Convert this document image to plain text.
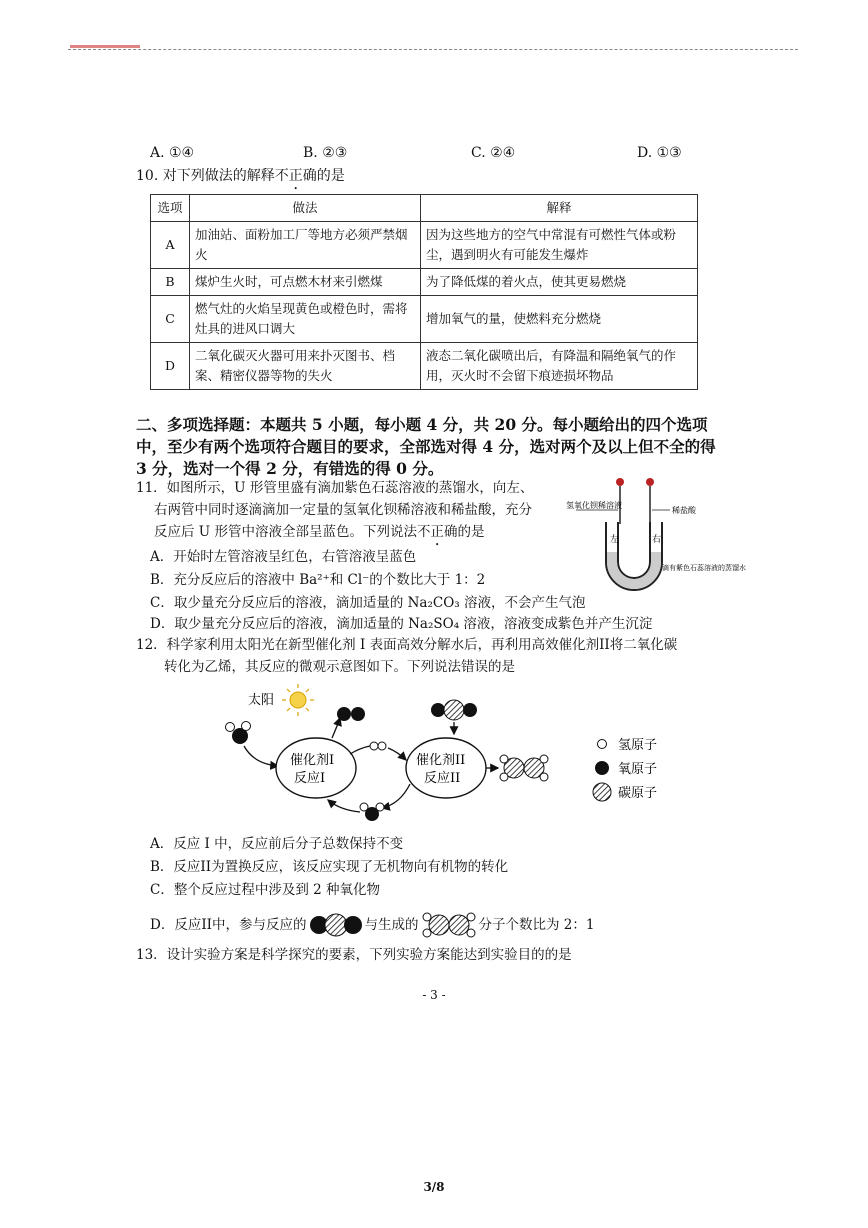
A. ①④	B. ②③	C. ②④	D. ①③
10. 对下列做法的解释不正确的是
选项	做法	解释
A	加油站、面粉加工厂等地方必须严禁烟火	因为这些地方的空气中常混有可燃性气体或粉尘，遇到明火有可能发生爆炸
B	煤炉生火时，可点燃木材来引燃煤	为了降低煤的着火点，使其更易燃烧
C	燃气灶的火焰呈现黄色或橙色时，需将灶具的进风口调大	增加氧气的量，使燃料充分燃烧
D	二氧化碳灭火器可用来扑灭图书、档案、精密仪器等物的失火	液态二氧化碳喷出后，有降温和隔绝氧气的作用，灭火时不会留下痕迹损坏物品
二、多项选择题：本题共 5 小题，每小题 4 分，共 20 分。每小题给出的四个选项中，至少有两个选项符合题目的要求，全部选对得 4 分，选对两个及以上但不全的得 3 分，选对一个得 2 分，有错选的得 0 分。
11．如图所示，U 形管里盛有滴加紫色石蕊溶液的蒸馏水，向左、
右两管中同时逐滴滴加一定量的氢氧化钡稀溶液和稀盐酸，充分
反应后 U 形管中溶液全部呈蓝色。下列说法不正确的是
A．开始时左管溶液呈红色，右管溶液呈蓝色
B．充分反应后的溶液中 Ba²⁺和 Cl⁻的个数比大于 1：2
C．取少量充分反应后的溶液，滴加适量的 Na₂CO₃ 溶液，不会产生气泡
D．取少量充分反应后的溶液，滴加适量的 Na₂SO₄ 溶液，溶液变成紫色并产生沉淀
氢氧化钡稀溶液
稀盐酸
左	右
滴有紫色石蕊溶液的蒸馏水
12．科学家利用太阳光在新型催化剂 I 表面高效分解水后，再利用高效催化剂II将二氧化碳
转化为乙烯，其反应的微观示意图如下。下列说法错误的是
太阳
催化剂I
反应I
催化剂II
反应II
氢原子
氧原子
碳原子
A．反应 I 中，反应前后分子总数保持不变
B．反应II为置换反应，该反应实现了无机物向有机物的转化
C．整个反应过程中涉及到 2 种氧化物
D．反应II中，参与反应的	与生成的	分子个数比为 2：1
13．设计实验方案是科学探究的要素，下列实验方案能达到实验目的的是
- 3 -
3/8
